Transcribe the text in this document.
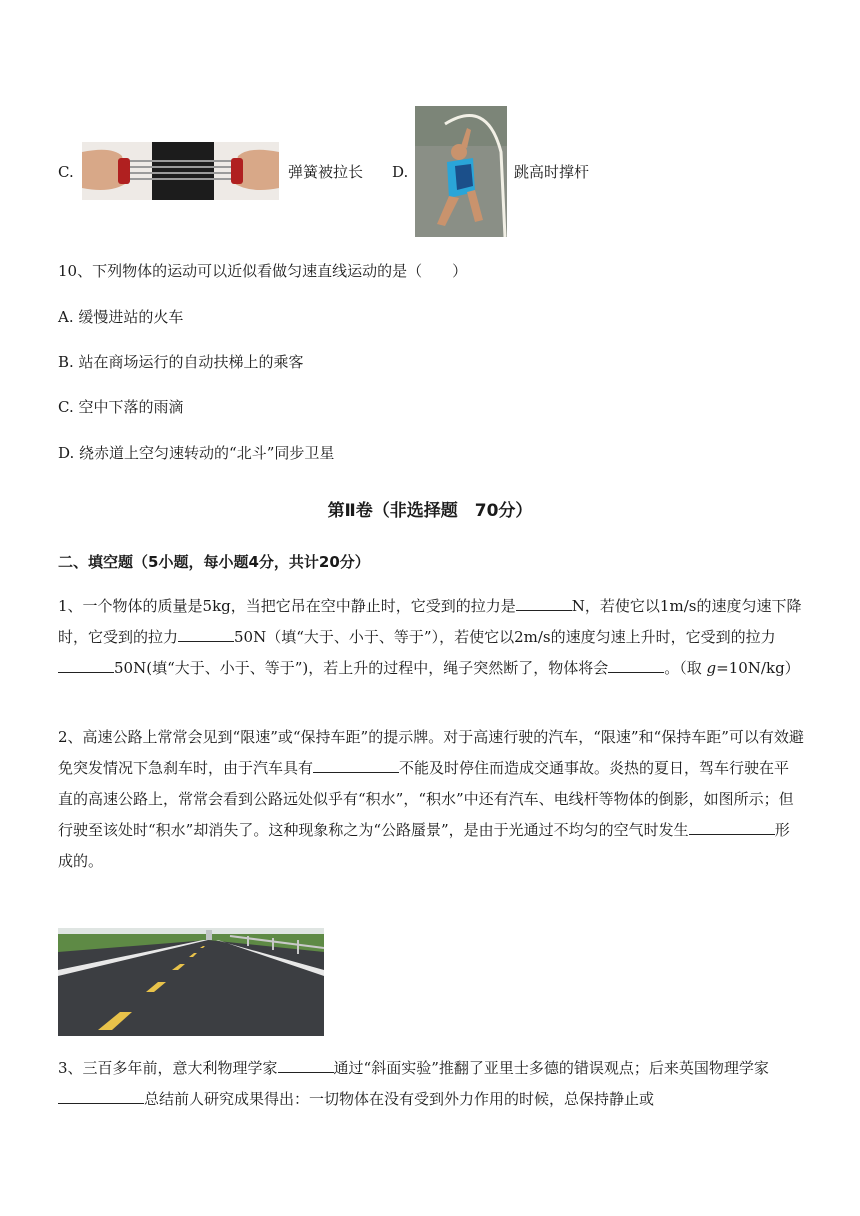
C.	弹簧被拉长 D.	跳高时撑杆
10、下列物体的运动可以近似看做匀速直线运动的是（　　）
A. 缓慢进站的火车
B. 站在商场运行的自动扶梯上的乘客
C. 空中下落的雨滴
D. 绕赤道上空匀速转动的“北斗”同步卫星
第Ⅱ卷（非选择题　70分）
二、填空题（5小题，每小题4分，共计20分）
1、一个物体的质量是5kg，当把它吊在空中静止时，它受到的拉力是	N，若使它以1m/s的速度匀速下降时，它受到的拉力	50N（填“大于、小于、等于”），若使它以2m/s的速度匀速上升时，它受到的拉力50N(填“大于、小于、等于”)，若上升的过程中，绳子突然断了，物体将会	。（取 g=10N/kg）
2、高速公路上常常会见到“限速”或“保持车距”的提示牌。对于高速行驶的汽车，“限速”和“保持车距”可以有效避免突发情况下急刹车时，由于汽车具有	不能及时停住而造成交通事故。炎热的夏日，驾车行驶在平直的高速公路上，常常会看到公路远处似乎有“积水”，“积水”中还有汽车、电线杆等物体的倒影，如图所示；但行驶至该处时“积水”却消失了。这种现象称之为“公路蜃景”，是由于光通过不均匀的空气时发生	形成的。
3、三百多年前，意大利物理学家	通过“斜面实验”推翻了亚里士多德的错误观点；后来英国物理学家总结前人研究成果得出：一切物体在没有受到外力作用的时候，总保持静止或
